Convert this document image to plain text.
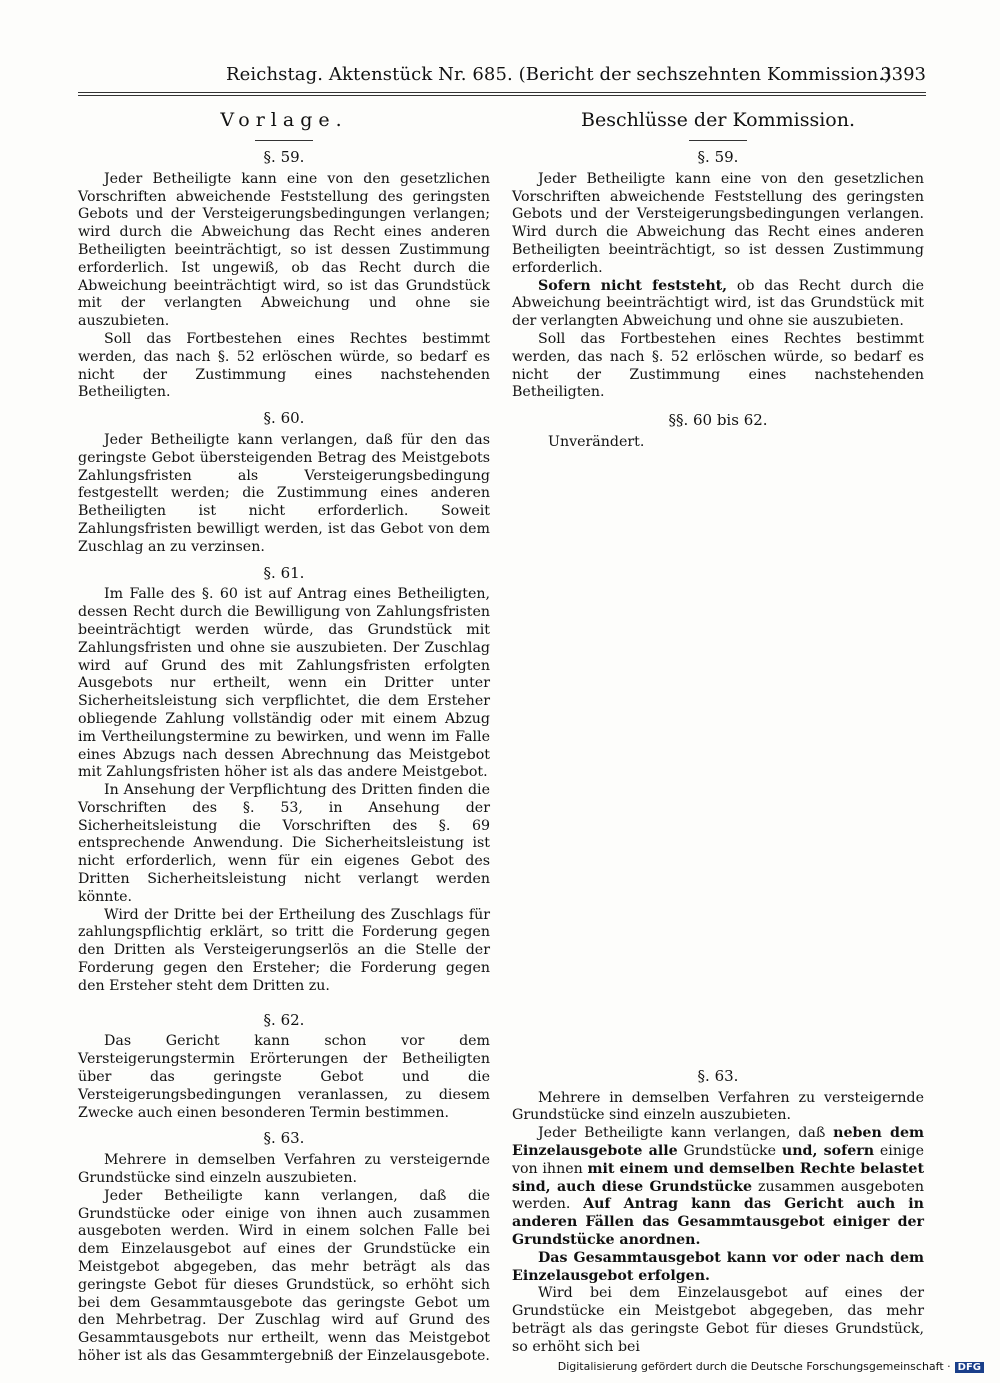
Reichstag. Aktenstück Nr. 685. (Bericht der sechszehnten Kommission.)
3393
Vorlage.
§. 59.

Jeder Betheiligte kann eine von den gesetzlichen Vorschriften abweichende Feststellung des geringsten Gebots und der Versteigerungsbedingungen verlangen; wird durch die Abweichung das Recht eines anderen Betheiligten beeinträchtigt, so ist dessen Zustimmung erforderlich. Ist ungewiß, ob das Recht durch die Abweichung beeinträchtigt wird, so ist das Grundstück mit der verlangten Abweichung und ohne sie auszubieten.

Soll das Fortbestehen eines Rechtes bestimmt werden, das nach §. 52 erlöschen würde, so bedarf es nicht der Zustimmung eines nachstehenden Betheiligten.

§. 60.

Jeder Betheiligte kann verlangen, daß für den das geringste Gebot übersteigenden Betrag des Meistgebots Zahlungsfristen als Versteigerungsbedingung festgestellt werden; die Zustimmung eines anderen Betheiligten ist nicht erforderlich. Soweit Zahlungsfristen bewilligt werden, ist das Gebot von dem Zuschlag an zu verzinsen.

§. 61.

Im Falle des §. 60 ist auf Antrag eines Betheiligten, dessen Recht durch die Bewilligung von Zahlungsfristen beeinträchtigt werden würde, das Grundstück mit Zahlungsfristen und ohne sie auszubieten. Der Zuschlag wird auf Grund des mit Zahlungsfristen erfolgten Ausgebots nur ertheilt, wenn ein Dritter unter Sicherheitsleistung sich verpflichtet, die dem Ersteher obliegende Zahlung vollständig oder mit einem Abzug im Vertheilungstermine zu bewirken, und wenn im Falle eines Abzugs nach dessen Abrechnung das Meistgebot mit Zahlungsfristen höher ist als das andere Meistgebot.

In Ansehung der Verpflichtung des Dritten finden die Vorschriften des §. 53, in Ansehung der Sicherheitsleistung die Vorschriften des §. 69 entsprechende Anwendung. Die Sicherheitsleistung ist nicht erforderlich, wenn für ein eigenes Gebot des Dritten Sicherheitsleistung nicht verlangt werden könnte.

Wird der Dritte bei der Ertheilung des Zuschlags für zahlungspflichtig erklärt, so tritt die Forderung gegen den Dritten als Versteigerungserlös an die Stelle der Forderung gegen den Ersteher; die Forderung gegen den Ersteher steht dem Dritten zu.

§. 62.

Das Gericht kann schon vor dem Versteigerungstermin Erörterungen der Betheiligten über das geringste Gebot und die Versteigerungsbedingungen veranlassen, zu diesem Zwecke auch einen besonderen Termin bestimmen.

§. 63.

Mehrere in demselben Verfahren zu versteigernde Grundstücke sind einzeln auszubieten.

Jeder Betheiligte kann verlangen, daß die Grundstücke oder einige von ihnen auch zusammen ausgeboten werden. Wird in einem solchen Falle bei dem Einzelausgebot auf eines der Grundstücke ein Meistgebot abgegeben, das mehr beträgt als das geringste Gebot für dieses Grundstück, so erhöht sich bei dem Gesammtausgebote das geringste Gebot um den Mehrbetrag. Der Zuschlag wird auf Grund des Gesammtausgebots nur ertheilt, wenn das Meistgebot höher ist als das Gesammtergebniß der Einzelausgebote.

Beschlüsse der Kommission.
§. 59.

Jeder Betheiligte kann eine von den gesetzlichen Vorschriften abweichende Feststellung des geringsten Gebots und der Versteigerungsbedingungen verlangen. Wird durch die Abweichung das Recht eines anderen Betheiligten beeinträchtigt, so ist dessen Zustimmung erforderlich.

Sofern nicht feststeht, ob das Recht durch die Abweichung beeinträchtigt wird, ist das Grundstück mit der verlangten Abweichung und ohne sie auszubieten.

Soll das Fortbestehen eines Rechtes bestimmt werden, das nach §. 52 erlöschen würde, so bedarf es nicht der Zustimmung eines nachstehenden Betheiligten.

§§. 60 bis 62.

Unverändert.

§. 63.

Mehrere in demselben Verfahren zu versteigernde Grundstücke sind einzeln auszubieten.

Jeder Betheiligte kann verlangen, daß neben dem Einzelausgebote alle Grundstücke und, sofern einige von ihnen mit einem und demselben Rechte belastet sind, auch diese Grundstücke zusammen ausgeboten werden. Auf Antrag kann das Gericht auch in anderen Fällen das Gesammtausgebot einiger der Grundstücke anordnen.

Das Gesammtausgebot kann vor oder nach dem Einzelausgebot erfolgen.

Wird bei dem Einzelausgebot auf eines der Grundstücke ein Meistgebot abgegeben, das mehr beträgt als das geringste Gebot für dieses Grundstück, so erhöht sich bei

Digitalisierung gefördert durch die Deutsche Forschungsgemeinschaft · DFG
